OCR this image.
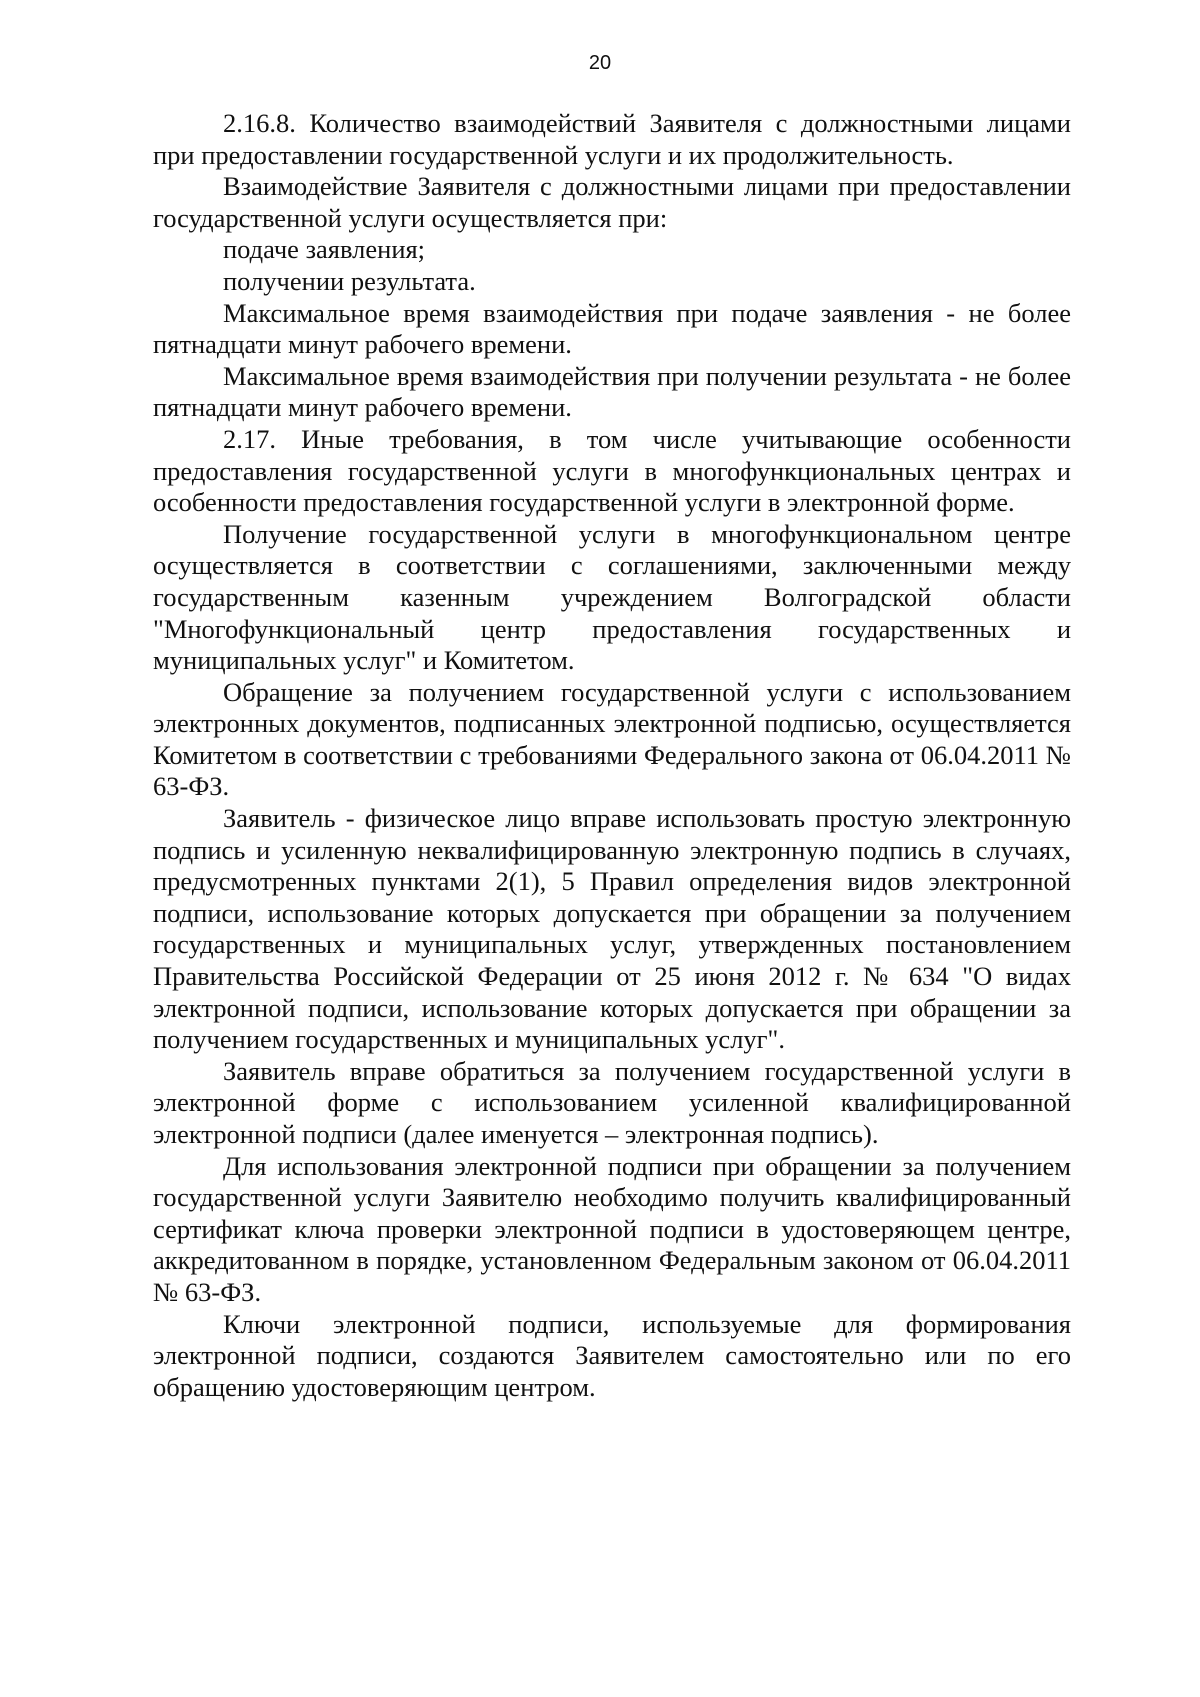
20

2.16.8. Количество взаимодействий Заявителя с должностными лицами при предоставлении государственной услуги и их продолжительность.

Взаимодействие Заявителя с должностными лицами при предоставлении государственной услуги осуществляется при:

подаче заявления;

получении результата.

Максимальное время взаимодействия при подаче заявления - не более пятнадцати минут рабочего времени.

Максимальное время взаимодействия при получении результата - не более пятнадцати минут рабочего времени.

2.17. Иные требования, в том числе учитывающие особенности предоставления государственной услуги в многофункциональных центрах и особенности предоставления государственной услуги в электронной форме.

Получение государственной услуги в многофункциональном центре осуществляется в соответствии с соглашениями, заключенными между государственным казенным учреждением Волгоградской области "Многофункциональный центр предоставления государственных и муниципальных услуг" и Комитетом.

Обращение за получением государственной услуги с использованием электронных документов, подписанных электронной подписью, осуществляется Комитетом в соответствии с требованиями Федерального закона от 06.04.2011 № 63-ФЗ.

Заявитель - физическое лицо вправе использовать простую электронную подпись и усиленную неквалифицированную электронную подпись в случаях, предусмотренных пунктами 2(1), 5 Правил определения видов электронной подписи, использование которых допускается при обращении за получением государственных и муниципальных услуг, утвержденных постановлением Правительства Российской Федерации от 25 июня 2012 г. № 634 "О видах электронной подписи, использование которых допускается при обращении за получением государственных и муниципальных услуг".

Заявитель вправе обратиться за получением государственной услуги в электронной форме с использованием усиленной квалифицированной электронной подписи (далее именуется – электронная подпись).

Для использования электронной подписи при обращении за получением государственной услуги Заявителю необходимо получить квалифицированный сертификат ключа проверки электронной подписи в удостоверяющем центре, аккредитованном в порядке, установленном Федеральным законом от 06.04.2011 № 63-ФЗ.

Ключи электронной подписи, используемые для формирования электронной подписи, создаются Заявителем самостоятельно или по его обращению удостоверяющим центром.
